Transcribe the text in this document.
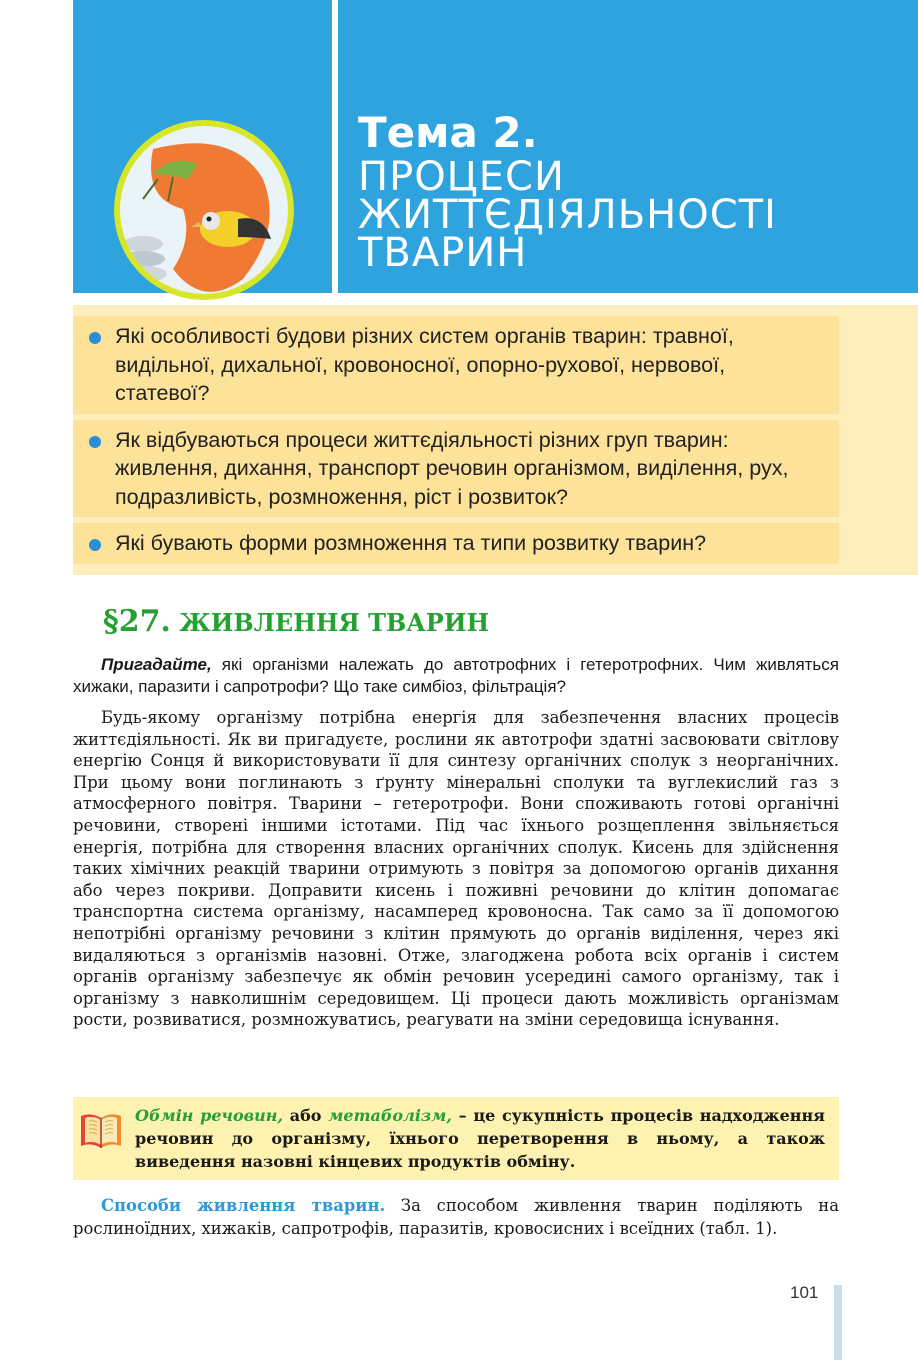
Тема 2.
ПРОЦЕСИ
ЖИТТЄДІЯЛЬНОСТІ
ТВАРИН
Які особливості будови різних систем органів тварин: травної, видільної, дихальної, кровоносної, опорно-рухової, нервової, статевої?
Як відбуваються процеси життєдіяльності різних груп тварин: живлення, дихання, транспорт речовин організмом, виділення, рух, подразливість, розмноження, ріст і розвиток?
Які бувають форми розмноження та типи розвитку тварин?
§27. ЖИВЛЕННЯ ТВАРИН
Пригадайте, які організми належать до автотрофних і гетеротрофних. Чим живляться хижаки, паразити і сапротрофи? Що таке симбіоз, фільтрація?
Будь-якому організму потрібна енергія для забезпечення власних процесів життєдіяльності. Як ви пригадуєте, рослини як автотрофи здатні засвоювати світлову енергію Сонця й використовувати її для синтезу органічних сполук з неорганічних. При цьому вони поглинають з ґрунту мінеральні сполуки та вуглекислий газ з атмосферного повітря. Тварини – гетеротрофи. Вони споживають готові органічні речовини, створені іншими істотами. Під час їхнього розщеплення звільняється енергія, потрібна для створення власних органічних сполук. Кисень для здійснення таких хімічних реакцій тварини отримують з повітря за допомогою органів дихання або через покриви. Доправити кисень і поживні речовини до клітин допомагає транспортна система організму, насамперед кровоносна. Так само за її допомогою непотрібні організму речовини з клітин прямують до органів виділення, через які видаляються з організмів назовні. Отже, злагоджена робота всіх органів і систем органів організму забезпечує як обмін речовин усередині самого організму, так і організму з навколишнім середовищем. Ці процеси дають можливість організмам рости, розвиватися, розмножуватись, реагувати на зміни середовища існування.
Обмін речовин, або метаболізм, – це сукупність процесів надходження речовин до організму, їхнього перетворення в ньому, а також виведення назовні кінцевих продуктів обміну.
Способи живлення тварин. За способом живлення тварин поділяють на рослиноїдних, хижаків, сапротрофів, паразитів, кровосисних і всеїдних (табл. 1).
101
